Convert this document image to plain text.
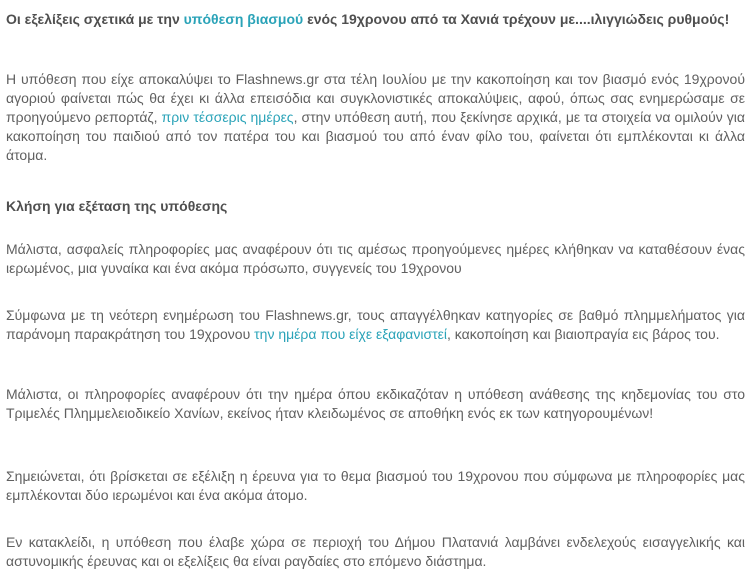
Οι εξελίξεις σχετικά με την υπόθεση βιασμού ενός 19χρονου από τα Χανιά τρέχουν με....ιλιγγιώδεις ρυθμούς!

Η υπόθεση που είχε αποκαλύψει το Flashnews.gr στα τέλη Ιουλίου με την κακοποίηση και τον βιασμό ενός 19χρονού αγοριού φαίνεται πώς θα έχει κι άλλα επεισόδια και συγκλονιστικές αποκαλύψεις, αφού, όπως σας ενημερώσαμε σε προηγούμενο ρεπορτάζ, πριν τέσσερις ημέρες, στην υπόθεση αυτή, που ξεκίνησε αρχικά, με τα στοιχεία να ομιλούν για κακοποίηση του παιδιού από τον πατέρα του και βιασμού του από έναν φίλο του, φαίνεται ότι εμπλέκονται κι άλλα άτομα.

Κλήση για εξέταση της υπόθεσης

Μάλιστα, ασφαλείς πληροφορίες μας αναφέρουν ότι τις αμέσως προηγούμενες ημέρες κλήθηκαν να καταθέσουν ένας ιερωμένος, μια γυναίκα και ένα ακόμα πρόσωπο, συγγενείς του 19χρονου

Σύμφωνα με τη νεότερη ενημέρωση του Flashnews.gr, τους απαγγέλθηκαν κατηγορίες σε βαθμό πλημμελήματος για παράνομη παρακράτηση του 19χρονου την ημέρα που είχε εξαφανιστεί, κακοποίηση και βιαιοπραγία εις βάρος του.

Μάλιστα, οι πληροφορίες αναφέρουν ότι την ημέρα όπου εκδικαζόταν η υπόθεση ανάθεσης της κηδεμονίας του στο Τριμελές Πλημμελειοδικείο Χανίων, εκείνος ήταν κλειδωμένος σε αποθήκη ενός εκ των κατηγορουμένων!

Σημειώνεται, ότι βρίσκεται σε εξέλιξη η έρευνα για το θεμα βιασμού του 19χρονου που σύμφωνα με πληροφορίες μας εμπλέκονται δύο ιερωμένοι και ένα ακόμα άτομο.

Εν κατακλείδι, η υπόθεση που έλαβε χώρα σε περιοχή του Δήμου Πλατανιά λαμβάνει ενδελεχούς εισαγγελικής και αστυνομικής έρευνας και οι εξελίξεις θα είναι ραγδαίες στο επόμενο διάστημα.
